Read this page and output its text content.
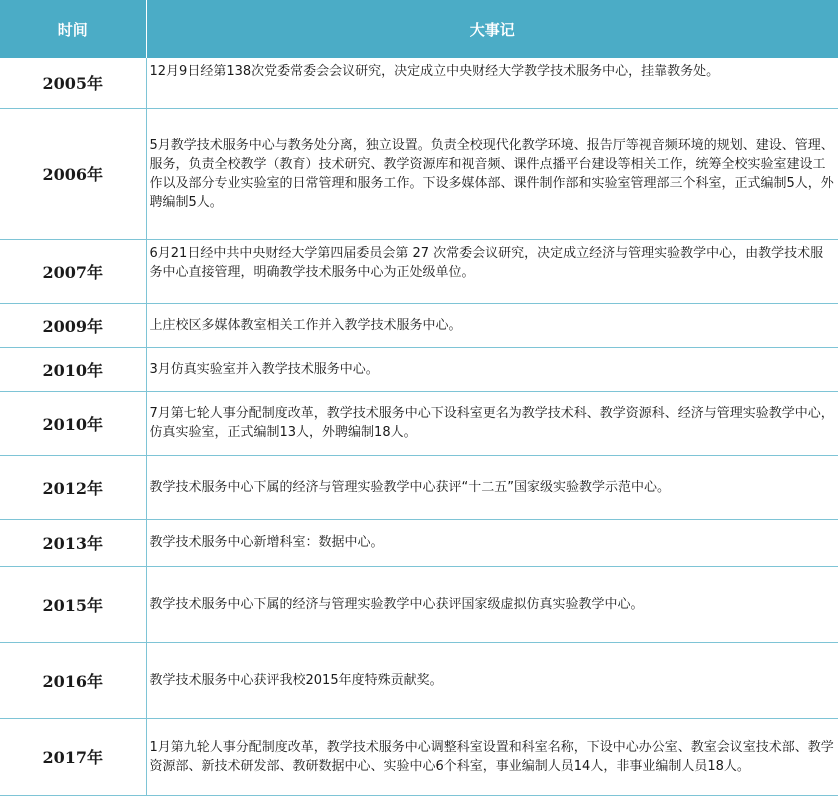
时间	大事记
2005年	12月9日经第138次党委常委会会议研究，决定成立中央财经大学教学技术服务中心，挂靠教务处。
2006年	5月教学技术服务中心与教务处分离，独立设置。负责全校现代化教学环境、报告厅等视音频环境的规划、建设、管理、服务，负责全校教学（教育）技术研究、教学资源库和视音频、课件点播平台建设等相关工作，统筹全校实验室建设工作以及部分专业实验室的日常管理和服务工作。下设多媒体部、课件制作部和实验室管理部三个科室，正式编制5人，外聘编制5人。
2007年	6月21日经中共中央财经大学第四届委员会第 27 次常委会议研究，决定成立经济与管理实验教学中心，由教学技术服务中心直接管理，明确教学技术服务中心为正处级单位。
2009年	上庄校区多媒体教室相关工作并入教学技术服务中心。
2010年	3月仿真实验室并入教学技术服务中心。
2010年	7月第七轮人事分配制度改革，教学技术服务中心下设科室更名为教学技术科、教学资源科、经济与管理实验教学中心，仿真实验室，正式编制13人，外聘编制18人。
2012年	教学技术服务中心下属的经济与管理实验教学中心获评“十二五”国家级实验教学示范中心。
2013年	教学技术服务中心新增科室：数据中心。
2015年	教学技术服务中心下属的经济与管理实验教学中心获评国家级虚拟仿真实验教学中心。
2016年	教学技术服务中心获评我校2015年度特殊贡献奖。
2017年	1月第九轮人事分配制度改革，教学技术服务中心调整科室设置和科室名称，下设中心办公室、教室会议室技术部、教学资源部、新技术研发部、教研数据中心、实验中心6个科室，事业编制人员14人，非事业编制人员18人。
